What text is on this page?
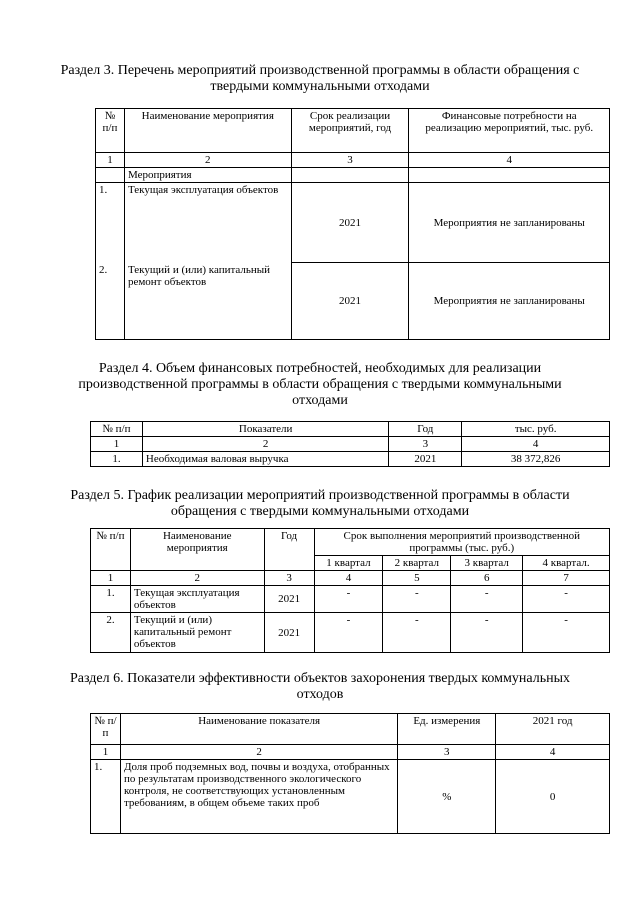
Раздел 3. Перечень мероприятий производственной программы в области обращения с твердыми коммунальными отходами
№ п/п	Наименование мероприятия	Срок реализации мероприятий, год	Финансовые потребности на реализацию мероприятий, тыс. руб.
1	2	3	4
	Мероприятия		
1.	Текущая эксплуатация объектов	2021	Мероприятия не запланированы
2.	Текущий и (или) капитальный ремонт объектов	2021	Мероприятия не запланированы
Раздел 4. Объем финансовых потребностей, необходимых для реализации производственной программы в области обращения с твердыми коммунальными отходами
№ п/п	Показатели	Год	тыс. руб.
1	2	3	4
1.	Необходимая валовая выручка	2021	38 372,826
Раздел 5. График реализации мероприятий производственной программы в области обращения с твердыми коммунальными отходами
№ п/п	Наименование мероприятия	Год	Срок выполнения мероприятий производственной программы (тыс. руб.)			
			1 квартал	2 квартал	3 квартал	4 квартал.
1	2	3	4	5	6	7
1.	Текущая эксплуатация объектов	2021	-	-	-	-
2.	Текущий и (или) капитальный ремонт объектов	2021	-	-	-	-
Раздел 6. Показатели эффективности объектов захоронения твердых коммунальных отходов
№ п/п	Наименование показателя	Ед. измерения	2021 год
1	2	3	4
1.	Доля проб подземных вод, почвы и воздуха, отобранных по результатам производственного экологического контроля, не соответствующих установленным требованиям, в общем объеме таких проб	%	0
